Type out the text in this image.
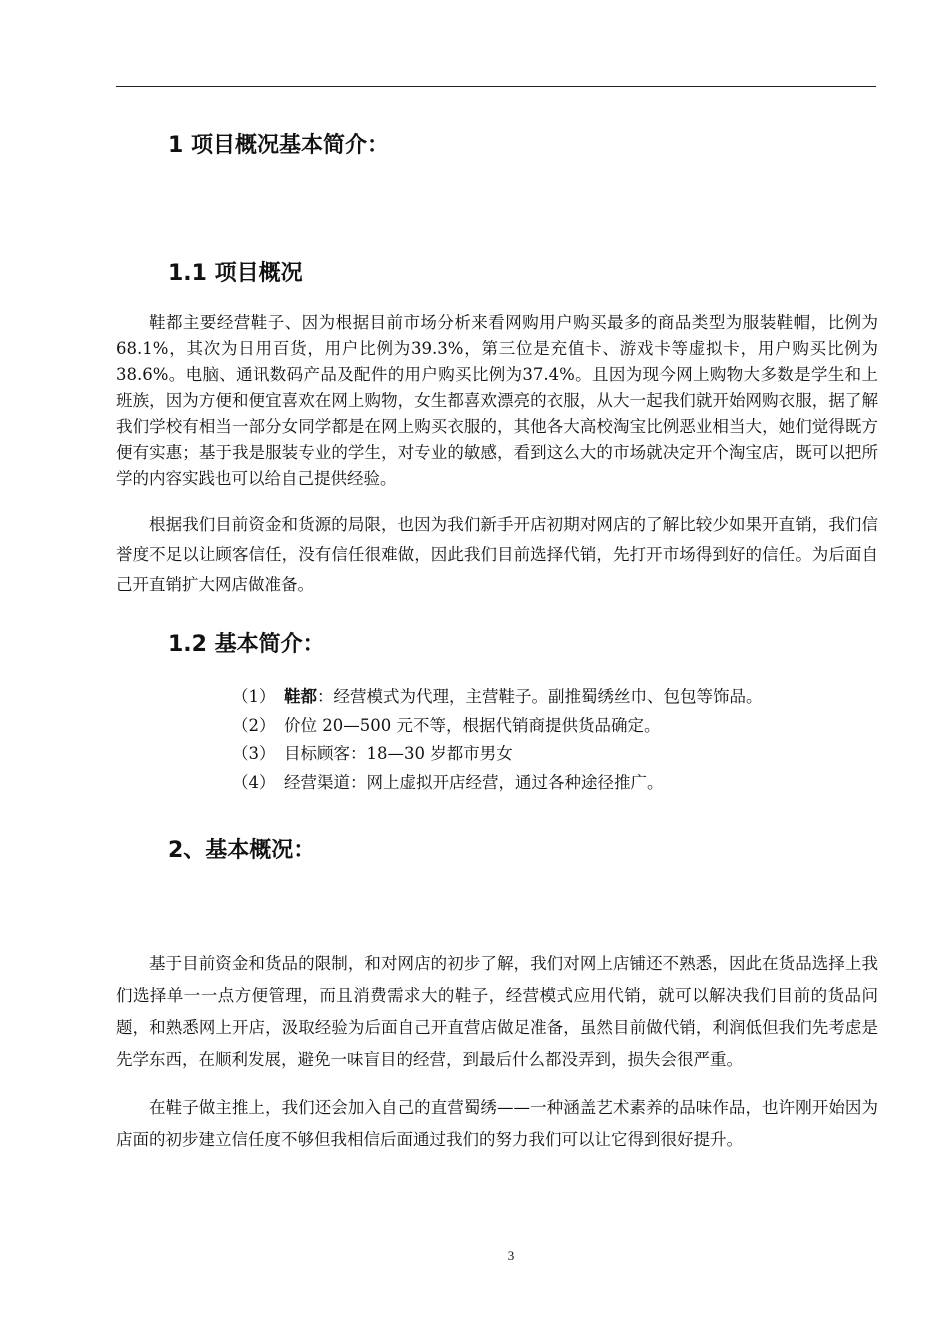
1 项目概况基本简介：
1.1 项目概况

鞋都主要经营鞋子、因为根据目前市场分析来看网购用户购买最多的商品类型为服装鞋帽，比例为68.1%，其次为日用百货，用户比例为39.3%，第三位是充值卡、游戏卡等虚拟卡，用户购买比例为38.6%。电脑、通讯数码产品及配件的用户购买比例为37.4%。且因为现今网上购物大多数是学生和上班族，因为方便和便宜喜欢在网上购物，女生都喜欢漂亮的衣服，从大一起我们就开始网购衣服，据了解我们学校有相当一部分女同学都是在网上购买衣服的，其他各大高校淘宝比例恶业相当大，她们觉得既方便有实惠；基于我是服装专业的学生，对专业的敏感，看到这么大的市场就决定开个淘宝店，既可以把所学的内容实践也可以给自己提供经验。

根据我们目前资金和货源的局限，也因为我们新手开店初期对网店的了解比较少如果开直销，我们信誉度不足以让顾客信任，没有信任很难做，因此我们目前选择代销，先打开市场得到好的信任。为后面自己开直销扩大网店做准备。

1.2 基本简介：
（1） 鞋都：经营模式为代理，主营鞋子。副推蜀绣丝巾、包包等饰品。
（2） 价位 20—500 元不等，根据代销商提供货品确定。
（3） 目标顾客：18—30 岁都市男女
（4） 经营渠道：网上虚拟开店经营，通过各种途径推广。
2、基本概况：

基于目前资金和货品的限制，和对网店的初步了解，我们对网上店铺还不熟悉，因此在货品选择上我们选择单一一点方便管理，而且消费需求大的鞋子，经营模式应用代销，就可以解决我们目前的货品问题，和熟悉网上开店，汲取经验为后面自己开直营店做足准备，虽然目前做代销，利润低但我们先考虑是先学东西，在顺利发展，避免一味盲目的经营，到最后什么都没弄到，损失会很严重。

在鞋子做主推上，我们还会加入自己的直营蜀绣——一种涵盖艺术素养的品味作品，也许刚开始因为店面的初步建立信任度不够但我相信后面通过我们的努力我们可以让它得到很好提升。

3
